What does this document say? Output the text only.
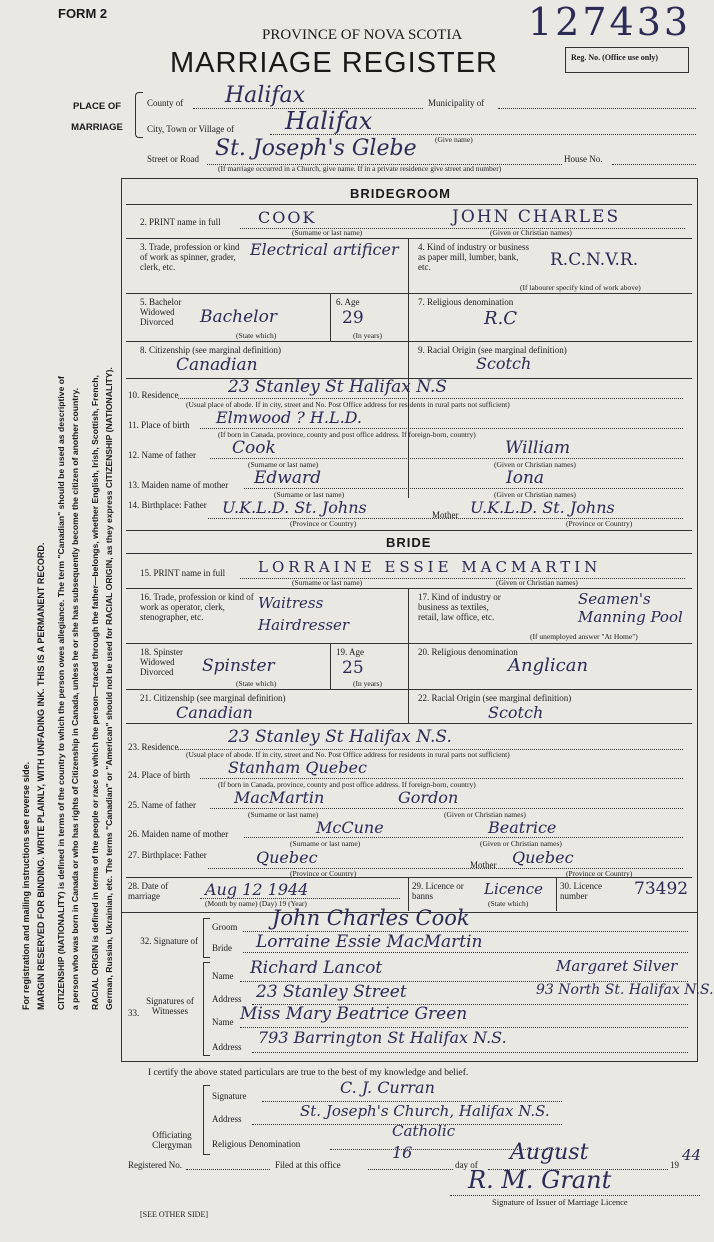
FORM 2	127433
PROVINCE OF NOVA SCOTIA
MARRIAGE REGISTER	Reg. No. (Office use only)
PLACE OF MARRIAGE
County of Halifax	Municipality of
City, Town or Village of Halifax
(Give name)
Street or Road St. Joseph's Glebe	House No.
(If marriage occurred in a Church, give name. If in a private residence give street and number)
For registration and mailing instructions see reverse side. MARGIN RESERVED FOR BINDING. WRITE PLAINLY, WITH UNFADING INK. THIS IS A PERMANENT RECORD. CITIZENSHIP (NATIONALITY) is defined in terms of the country to which the person owes allegiance. The term "Canadian" should be used as descriptive of a person who was born in Canada or who has rights of Citizenship in Canada, unless he or she has subsequently become the citizen of another country. RACIAL ORIGIN is defined in terms of the people or race to which the person—traced through the father—belongs, whether English, Irish, Scottish, French, German, Russian, Ukrainian, etc. The terms "Canadian" or "American" should not be used for RACIAL ORIGIN, as they express CITIZENSHIP (NATIONALITY).
BRIDEGROOM
2. PRINT name in full COOK	JOHN CHARLES
(Surname or last name)	(Given or Christian names)
3. Trade, profession or kind of work as spinner, grader, clerk, etc.
Electrical artificer	4. Kind of industry or business as paper mill, lumber, bank, etc.	R.C.N.V.R.
(If labourer specify kind of work above)
5. Bachelor Widowed Divorced	Bachelor
(State which)
6. Age
29
(In years)
7. Religious denomination
R.C
8. Citizenship (see marginal definition)
Canadian
9. Racial Origin (see marginal definition)
Scotch
10. Residence	23 Stanley St Halifax N.S
(Usual place of abode. If in city, street and No. Post Office address for residents in rural parts not sufficient)
11. Place of birth Elmwood ? H.L.D.
(If born in Canada, province, county and post office address. If foreign-born, country)
12. Name of father Cook	William
(Surname or last name)	(Given or Christian names)
13. Maiden name of mother Edward	Iona
(Surname or last name)	(Given or Christian names)
14. Birthplace: Father U.K.L.D. St. Johns	Mother U.K.L.D. St. Johns
(Province or Country)	(Province or Country)
BRIDE
15. PRINT name in full LORRAINE ESSIE MACMARTIN
(Surname or last name)	(Given or Christian names)
16. Trade, profession or kind of work as operator, clerk, stenographer, etc.
Waitress Hairdresser
17. Kind of industry or business as textiles, retail, law office, etc.
Seamen's Manning Pool
(If unemployed answer "At Home")
18. Spinster Widowed Divorced	Spinster
(State which)
19. Age
25
(In years)
20. Religious denomination
Anglican
21. Citizenship (see marginal definition)
Canadian
22. Racial Origin (see marginal definition)
Scotch
23. Residence	23 Stanley St Halifax N.S.
(Usual place of abode. If in city, street and No. Post Office address for residents in rural parts not sufficient)
24. Place of birth Stanham Quebec
(If born in Canada, province, county and post office address. If foreign-born, country)
25. Name of father MacMartin	Gordon
(Surname or last name)	(Given or Christian names)
26. Maiden name of mother	McCune	Beatrice
(Surname or last name)	(Given or Christian names)
27. Birthplace: Father	Quebec	Mother Quebec
(Province or Country)	(Province or Country)
28. Date of marriage	Aug 12 1944
(Month by name) (Day) 19 (Year)
29. Licence or banns	Licence
(State which)
30. Licence number	73492
32. Signature of
Groom John Charles Cook
Bride Lorraine Essie MacMartin
33.
Signatures of Witnesses
Name Richard Lancot	Margaret Silver
Address 23 Stanley Street	93 North St. Halifax N.S.
Name Miss Mary Beatrice Green
Address 793 Barrington St Halifax N.S.
I certify the above stated particulars are true to the best of my knowledge and belief.
Officiating Clergyman
Signature	C. J. Curran
Address	St. Joseph's Church, Halifax N.S.
Religious Denomination
Catholic
Registered No.	Filed at this office
16
day of August	19
44
R. M. Grant
Signature of Issuer of Marriage Licence
[SEE OTHER SIDE]
